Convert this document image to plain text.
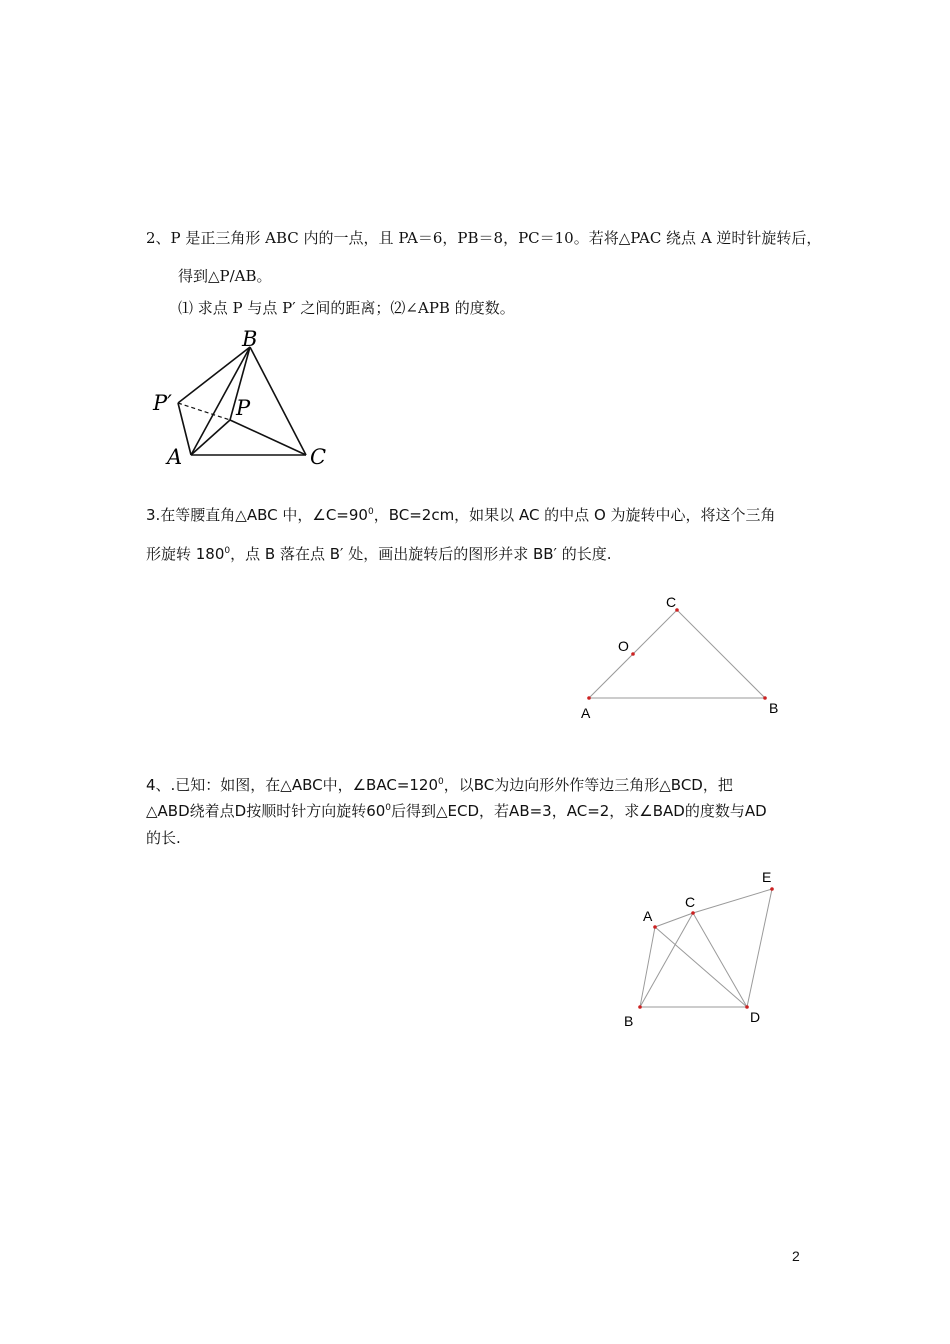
2、P 是正三角形 ABC 内的一点，且 PA＝6，PB＝8，PC＝10。若将△PAC 绕点 A 逆时针旋转后，
得到△P/AB。
⑴ 求点 P 与点 P′ 之间的距离；⑵∠APB 的度数。
B
P′	P
A	C
3.在等腰直角△ABC 中，$\angle C=90^0$，BC=2cm，如果以 AC 的中点 O 为旋转中心，将这个三角
形旋转 $180^0$，点 B 落在点 B′ 处，画出旋转后的图形并求 BB′ 的长度.
C
O
A	B
4、.已知：如图，在△ABC中，$\angle BAC=120^0$，以BC为边向形外作等边三角形△BCD，把
△ABD绕着点D按顺时针方向旋转$60^0$后得到△ECD，若AB=3，AC=2，求∠BAD的度数与AD
的长.
E
A
C
B	D
2
